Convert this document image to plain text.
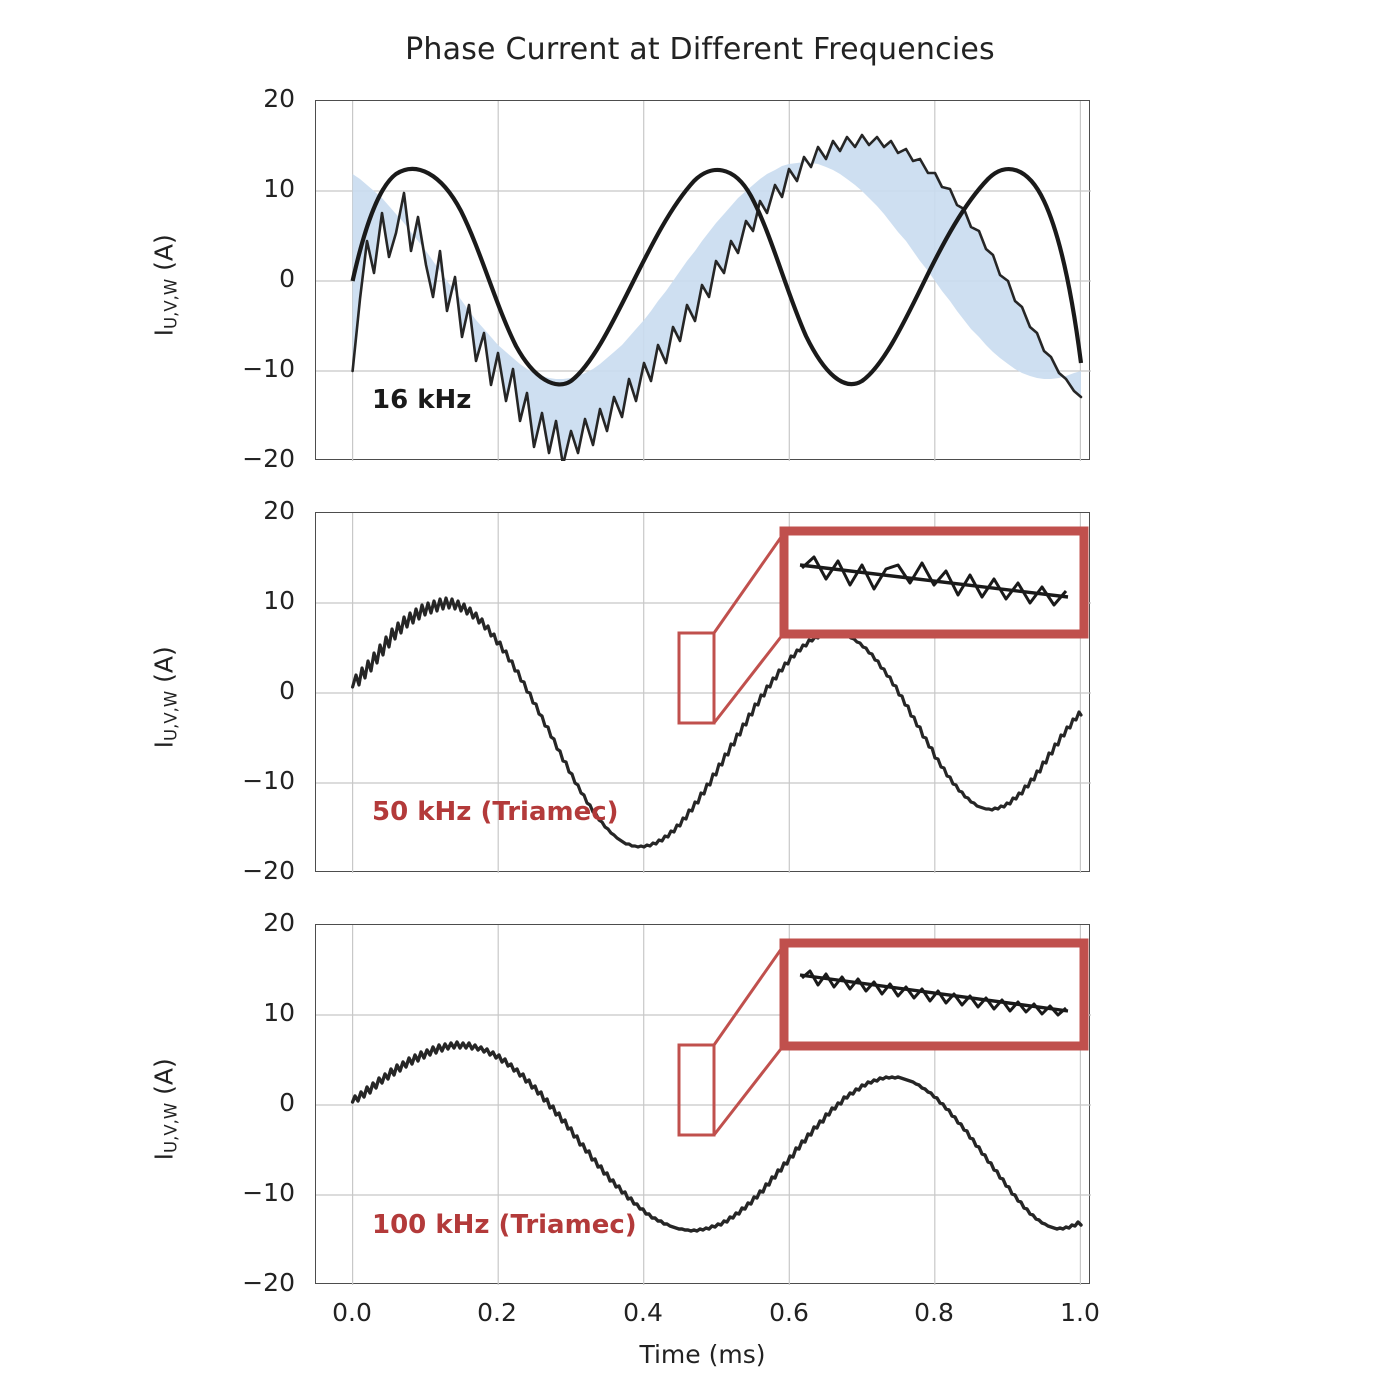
Phase Current at Different Frequencies
16 kHz
50 kHz (Triamec)
100 kHz (Triamec)
20
10
0
−10
−20
20
10
0
−10
−20
20
10
0
−10
−20
0.0	0.2	0.4	0.6	0.8	1.0
$I_{U,V,W}$ (A)
$I_{U,V,W}$ (A)
$I_{U,V,W}$ (A)
Time (ms)
